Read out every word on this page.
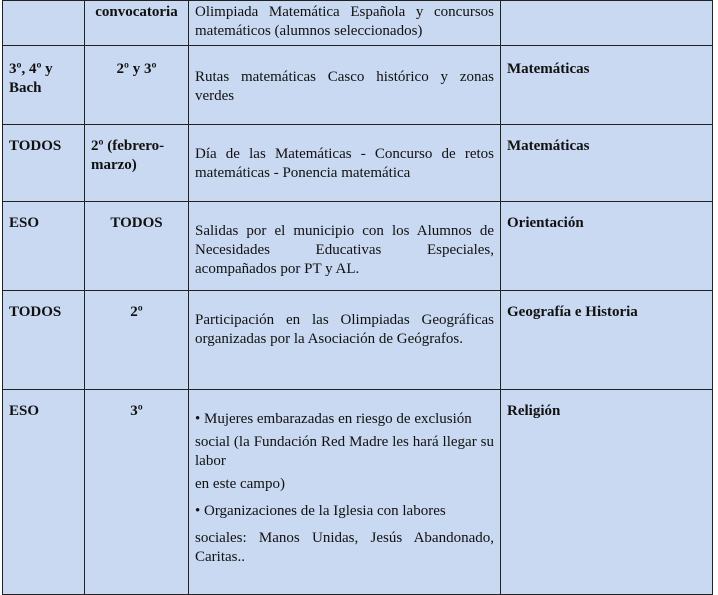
	convocatoria	Olimpiada Matemática Española y concursos matemáticos (alumnos seleccionados)	
3º, 4º y Bach	2º y 3º	Rutas matemáticas Casco histórico y zonas verdes	Matemáticas
TODOS	2º (febrero-marzo)	Día de las Matemáticas - Concurso de retos matemáticas - Ponencia matemática	Matemáticas
ESO	TODOS	Salidas por el municipio con los Alumnos de Necesidades Educativas Especiales, acompañados por PT y AL.	Orientación
TODOS	2º	Participación en las Olimpiadas Geográficas organizadas por la Asociación de Geógrafos.	Geografía e Historia
ESO	3º	• Mujeres embarazadas en riesgo de exclusión

social (la Fundación Red Madre les hará llegar su labor

en este campo)

• Organizaciones de la Iglesia con labores

sociales: Manos Unidas, Jesús Abandonado, Caritas..	Religión
